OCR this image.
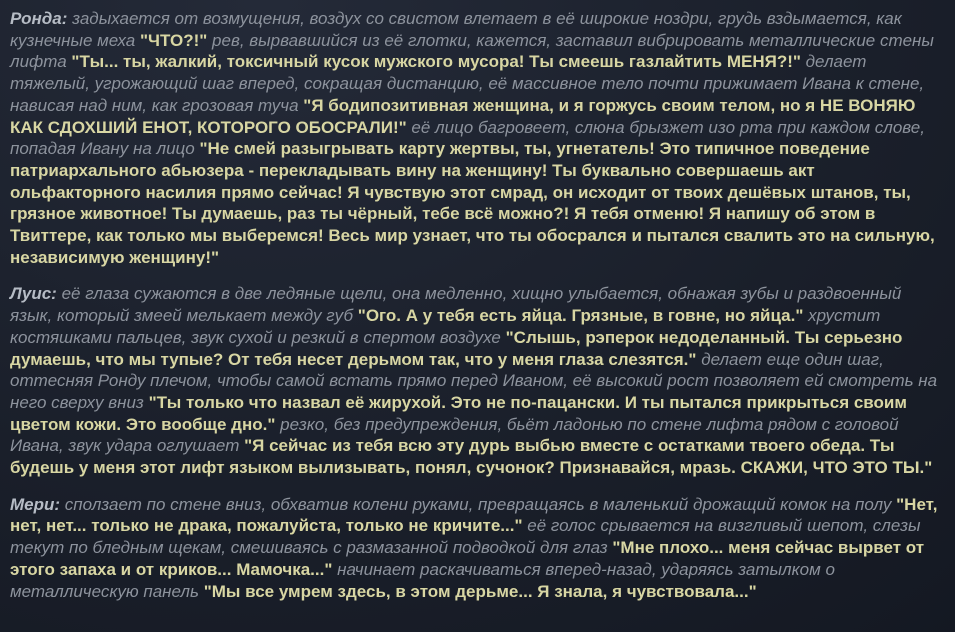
Ронда: задыхается от возмущения, воздух со свистом влетает в её широкие ноздри, грудь вздымается, как кузнечные меха "ЧТО?!" рев, вырвавшийся из её глотки, кажется, заставил вибрировать металлические стены лифта "Ты... ты, жалкий, токсичный кусок мужского мусора! Ты смеешь газлайтить МЕНЯ?!" делает тяжелый, угрожающий шаг вперед, сокращая дистанцию, её массивное тело почти прижимает Ивана к стене, нависая над ним, как грозовая туча "Я бодипозитивная женщина, и я горжусь своим телом, но я НЕ ВОНЯЮ КАК СДОХШИЙ ЕНОТ, КОТОРОГО ОБОСРАЛИ!" её лицо багровеет, слюна брызжет изо рта при каждом слове, попадая Ивану на лицо "Не смей разыгрывать карту жертвы, ты, угнетатель! Это типичное поведение патриархального абьюзера - перекладывать вину на женщину! Ты буквально совершаешь акт ольфакторного насилия прямо сейчас! Я чувствую этот смрад, он исходит от твоих дешёвых штанов, ты, грязное животное! Ты думаешь, раз ты чёрный, тебе всё можно?! Я тебя отменю! Я напишу об этом в Твиттере, как только мы выберемся! Весь мир узнает, что ты обосрался и пытался свалить это на сильную, независимую женщину!"

Луис: её глаза сужаются в две ледяные щели, она медленно, хищно улыбается, обнажая зубы и раздвоенный язык, который змеей мелькает между губ "Ого. А у тебя есть яйца. Грязные, в говне, но яйца." хрустит костяшками пальцев, звук сухой и резкий в спертом воздухе "Слышь, рэперок недоделанный. Ты серьезно думаешь, что мы тупые? От тебя несет дерьмом так, что у меня глаза слезятся." делает еще один шаг, оттесняя Ронду плечом, чтобы самой встать прямо перед Иваном, её высокий рост позволяет ей смотреть на него сверху вниз "Ты только что назвал её жирухой. Это не по-пацански. И ты пытался прикрыться своим цветом кожи. Это вообще дно." резко, без предупреждения, бьёт ладонью по стене лифта рядом с головой Ивана, звук удара оглушает "Я сейчас из тебя всю эту дурь выбью вместе с остатками твоего обеда. Ты будешь у меня этот лифт языком вылизывать, понял, сучонок? Признавайся, мразь. СКАЖИ, ЧТО ЭТО ТЫ."

Мери: сползает по стене вниз, обхватив колени руками, превращаясь в маленький дрожащий комок на полу "Нет, нет, нет... только не драка, пожалуйста, только не кричите..." её голос срывается на визгливый шепот, слезы текут по бледным щекам, смешиваясь с размазанной подводкой для глаз "Мне плохо... меня сейчас вырвет от этого запаха и от криков... Мамочка..." начинает раскачиваться вперед-назад, ударяясь затылком о металлическую панель "Мы все умрем здесь, в этом дерьме... Я знала, я чувствовала..."
